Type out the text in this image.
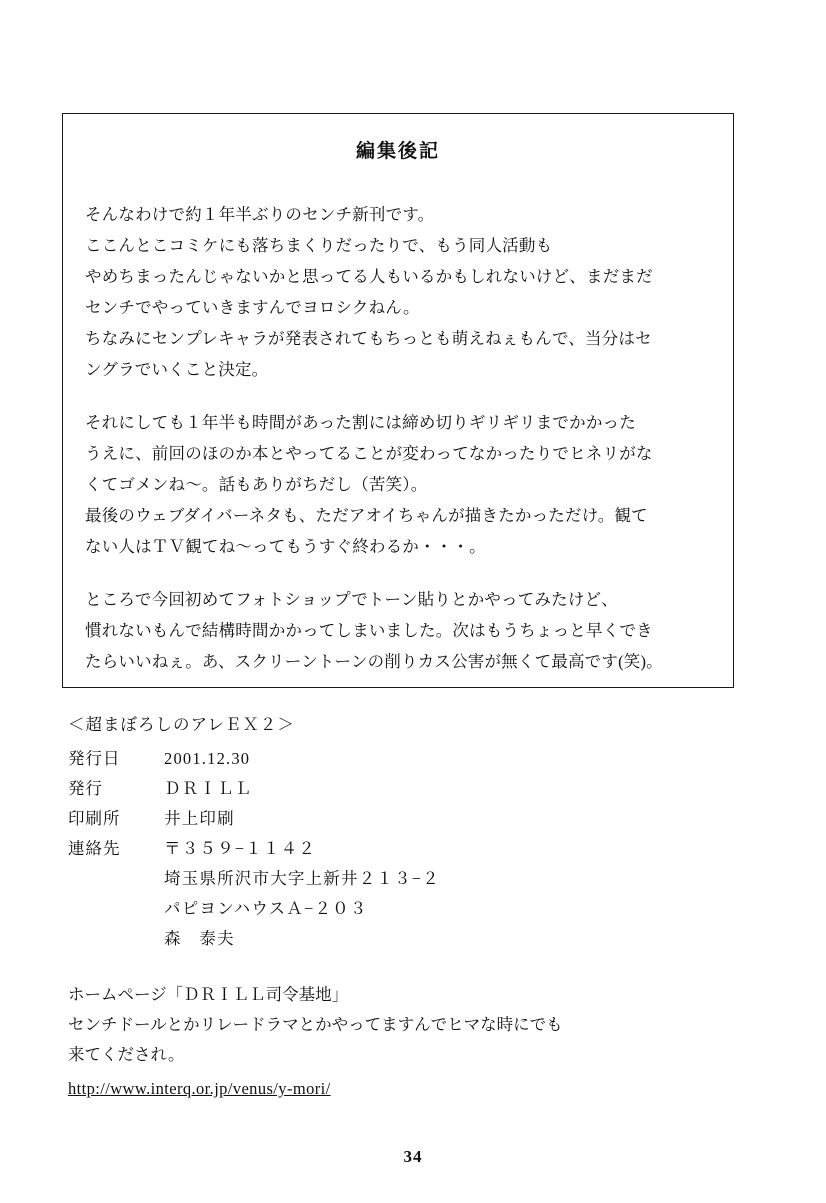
編集後記
そんなわけで約１年半ぶりのセンチ新刊です。
ここんとこコミケにも落ちまくりだったりで、もう同人活動も
やめちまったんじゃないかと思ってる人もいるかもしれないけど、まだまだ
センチでやっていきますんでヨロシクねん。
ちなみにセンプレキャラが発表されてもちっとも萌えねぇもんで、当分はセ
ングラでいくこと決定。
それにしても１年半も時間があった割には締め切りギリギリまでかかった
うえに、前回のほのか本とやってることが変わってなかったりでヒネリがな
くてゴメンね〜。話もありがちだし（苦笑）。
最後のウェブダイバーネタも、ただアオイちゃんが描きたかっただけ。観て
ない人はＴＶ観てね〜ってもうすぐ終わるか・・・。
ところで今回初めてフォトショップでトーン貼りとかやってみたけど、
慣れないもんで結構時間かかってしまいました。次はもうちょっと早くでき
たらいいねぇ。あ、スクリーントーンの削りカス公害が無くて最高です(笑)。
＜超まぼろしのアレＥＸ２＞
発行日	2001.12.30
発行	ＤＲＩＬＬ
印刷所	井上印刷
連絡先	〒３５９−１１４２
埼玉県所沢市大字上新井２１３−２
パピヨンハウスＡ−２０３
森　泰夫
ホームページ「ＤＲＩＬＬ司令基地」
センチドールとかリレードラマとかやってますんでヒマな時にでも
来てくだされ。
http://www.interq.or.jp/venus/y-mori/
34
